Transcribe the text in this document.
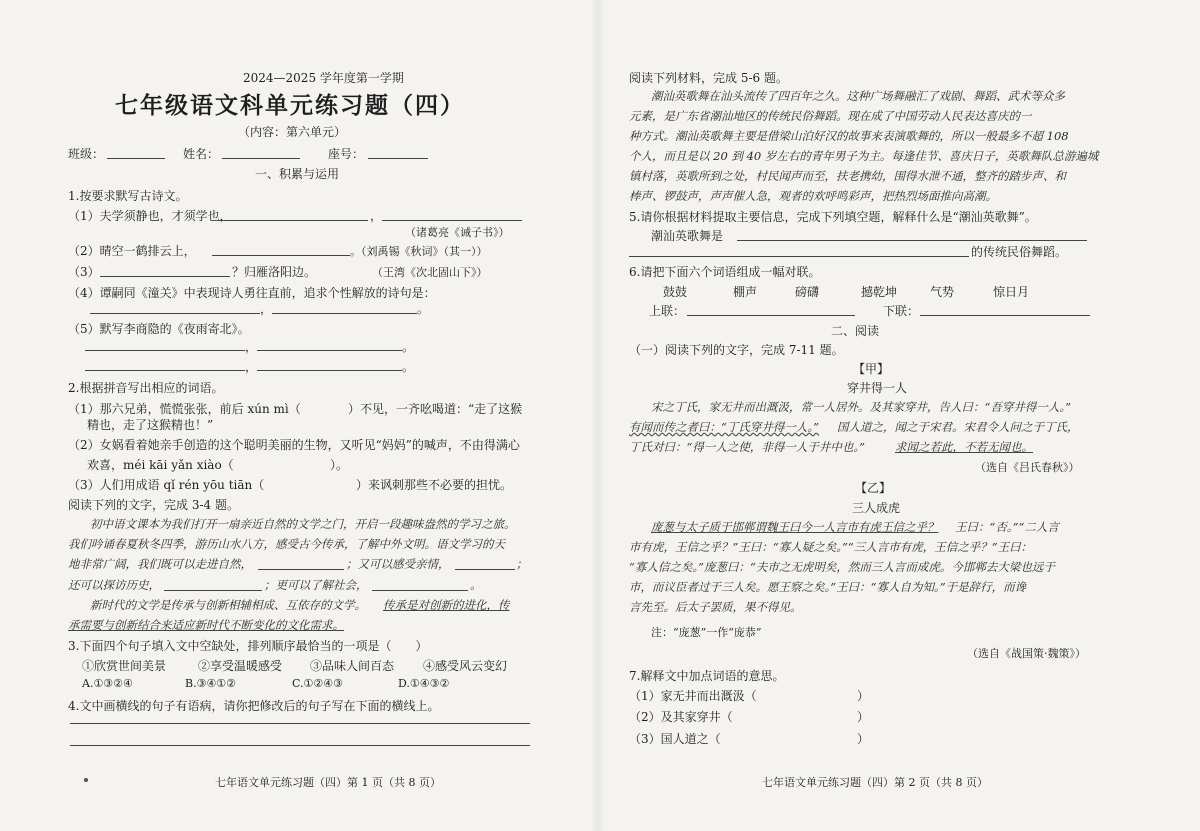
2024—2025 学年度第一学期
七年级语文科单元练习题（四）
（内容：第六单元）
班级：	姓名：	座号：
一、积累与运用
1.按要求默写古诗文。
（1）夫学须静也，才须学也，	，
（诸葛亮《诫子书》）
（2）晴空一鹤排云上，	。（刘禹锡《秋词》（其一））
（3）	？归雁洛阳边。	（王湾《次北固山下》）
（4）谭嗣同《潼关》中表现诗人勇往直前，追求个性解放的诗句是：
，	。
（5）默写李商隐的《夜雨寄北》。
，	。
，	。
2.根据拼音写出相应的词语。
（1）那六兄弟，慌慌张张，前后 xún mì（	）不见，一齐吆喝道：“走了这猴
精也，走了这猴精也！”
（2）女娲看着她亲手创造的这个聪明美丽的生物，又听见“妈妈”的喊声，不由得满心
欢喜，méi kāi yǎn xiào（	）。
（3）人们用成语 qǐ rén yōu tiān（	）来讽刺那些不必要的担忧。
阅读下列的文字，完成 3-4 题。
初中语文课本为我们打开一扇亲近自然的文学之门，开启一段趣味盎然的学习之旅。
我们吟诵春夏秋冬四季，游历山水八方，感受古今传承，了解中外文明。语文学习的天
地非常广阔，我们既可以走进自然，	；又可以感受亲情，	；
还可以探访历史，	；更可以了解社会，	。
新时代的文学是传承与创新相辅相成、互依存的文学。 传承是对创新的进化，传
承需要与创新结合来适应新时代不断变化的文化需求。
3.下面四个句子填入文中空缺处，排列顺序最恰当的一项是（　　）
①欣赏世间美景	②享受温暖感受 ③品味人间百态 ④感受风云变幻
A.①③②④	B.③④①②	C.①②④③	D.①④③②
4.文中画横线的句子有语病，请你把修改后的句子写在下面的横线上。
七年语文单元练习题（四）第 1 页（共 8 页）
阅读下列材料，完成 5-6 题。
潮汕英歌舞在汕头流传了四百年之久。这种广场舞融汇了戏剧、舞蹈、武术等众多
元素，是广东省潮汕地区的传统民俗舞蹈。现在成了中国劳动人民表达喜庆的一
种方式。潮汕英歌舞主要是借梁山泊好汉的故事来表演歌舞的，所以一般最多不超 108
个人，而且是以 20 到 40 岁左右的青年男子为主。每逢佳节、喜庆日子，英歌舞队总游遍城
镇村落，英歌所到之处，村民闻声而至，扶老携幼，围得水泄不通，整齐的踏步声、和
棒声、锣鼓声，声声催人急，观者的欢呼鸣彩声，把热烈场面推向高潮。
5.请你根据材料提取主要信息，完成下列填空题，解释什么是“潮汕英歌舞”。
潮汕英歌舞是
的传统民俗舞蹈。
6.请把下面六个词语组成一幅对联。
鼓鼓	棚声	磅礴	撼乾坤	气势	惊日月
上联：	下联：
二、阅读
（一）阅读下列的文字，完成 7-11 题。
【甲】
穿井得一人
宋之丁氏，家无井而出溉汲，常一人居外。及其家穿井，告人曰：“吾穿井得一人。”
有闻而传之者曰：“丁氏穿井得一人。” 国人道之，闻之于宋君。宋君令人问之于丁氏，
丁氏对曰：“得一人之使，非得一人于井中也。”	求闻之若此，不若无闻也。
（选自《吕氏春秋》）
【乙】
三人成虎
庞葱与太子质于邯郸谓魏王曰今一人言市有虎王信之乎？ 王曰：“否。”“二人言
市有虎，王信之乎？”王曰：“寡人疑之矣。”“三人言市有虎，王信之乎？”王曰：
“寡人信之矣。”庞葱曰：“夫市之无虎明矣，然而三人言而成虎。今邯郸去大梁也远于
市，而议臣者过于三人矣。愿王察之矣。”王曰：“寡人自为知。”于是辞行，而谗
言先至。后太子罢质，果不得见。
注：“庞葱”一作“庞恭”
（选自《战国策·魏策》）
7.解释文中加点词语的意思。
（1）家无井而出溉汲（	）
（2）及其家穿井（	）
（3）国人道之（	）
七年语文单元练习题（四）第 2 页（共 8 页）
